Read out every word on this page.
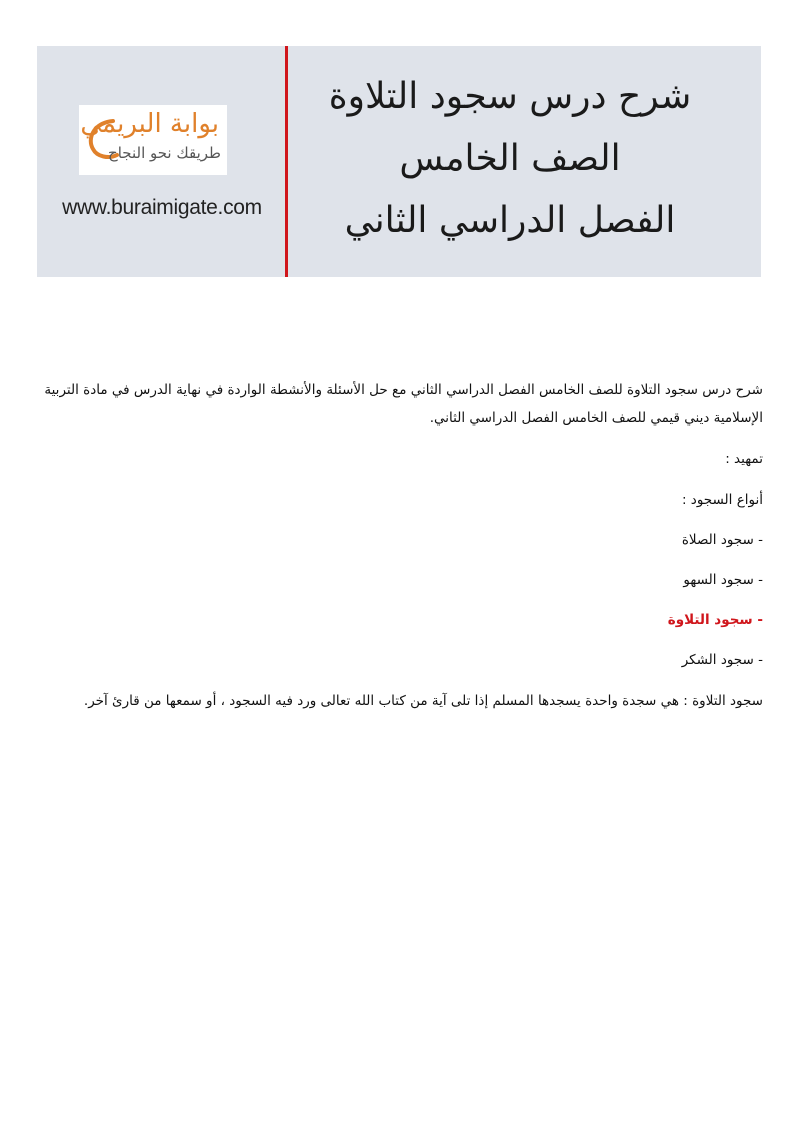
شرح درس سجود التلاوة
الصف الخامس
الفصل الدراسي الثاني
بوابة البريمي
طريقك نحو النجاح
www.buraimigate.com

شرح درس سجود التلاوة للصف الخامس الفصل الدراسي الثاني مع حل الأسئلة والأنشطة الواردة في نهاية الدرس في مادة التربية الإسلامية ديني قيمي للصف الخامس الفصل الدراسي الثاني.

تمهيد :

أنواع السجود :

- سجود الصلاة

- سجود السهو

- سجود التلاوة

- سجود الشكر

سجود التلاوة : هي سجدة واحدة يسجدها المسلم إذا تلى آية من كتاب الله تعالى ورد فيه السجود ، أو سمعها من قارئ آخر.
